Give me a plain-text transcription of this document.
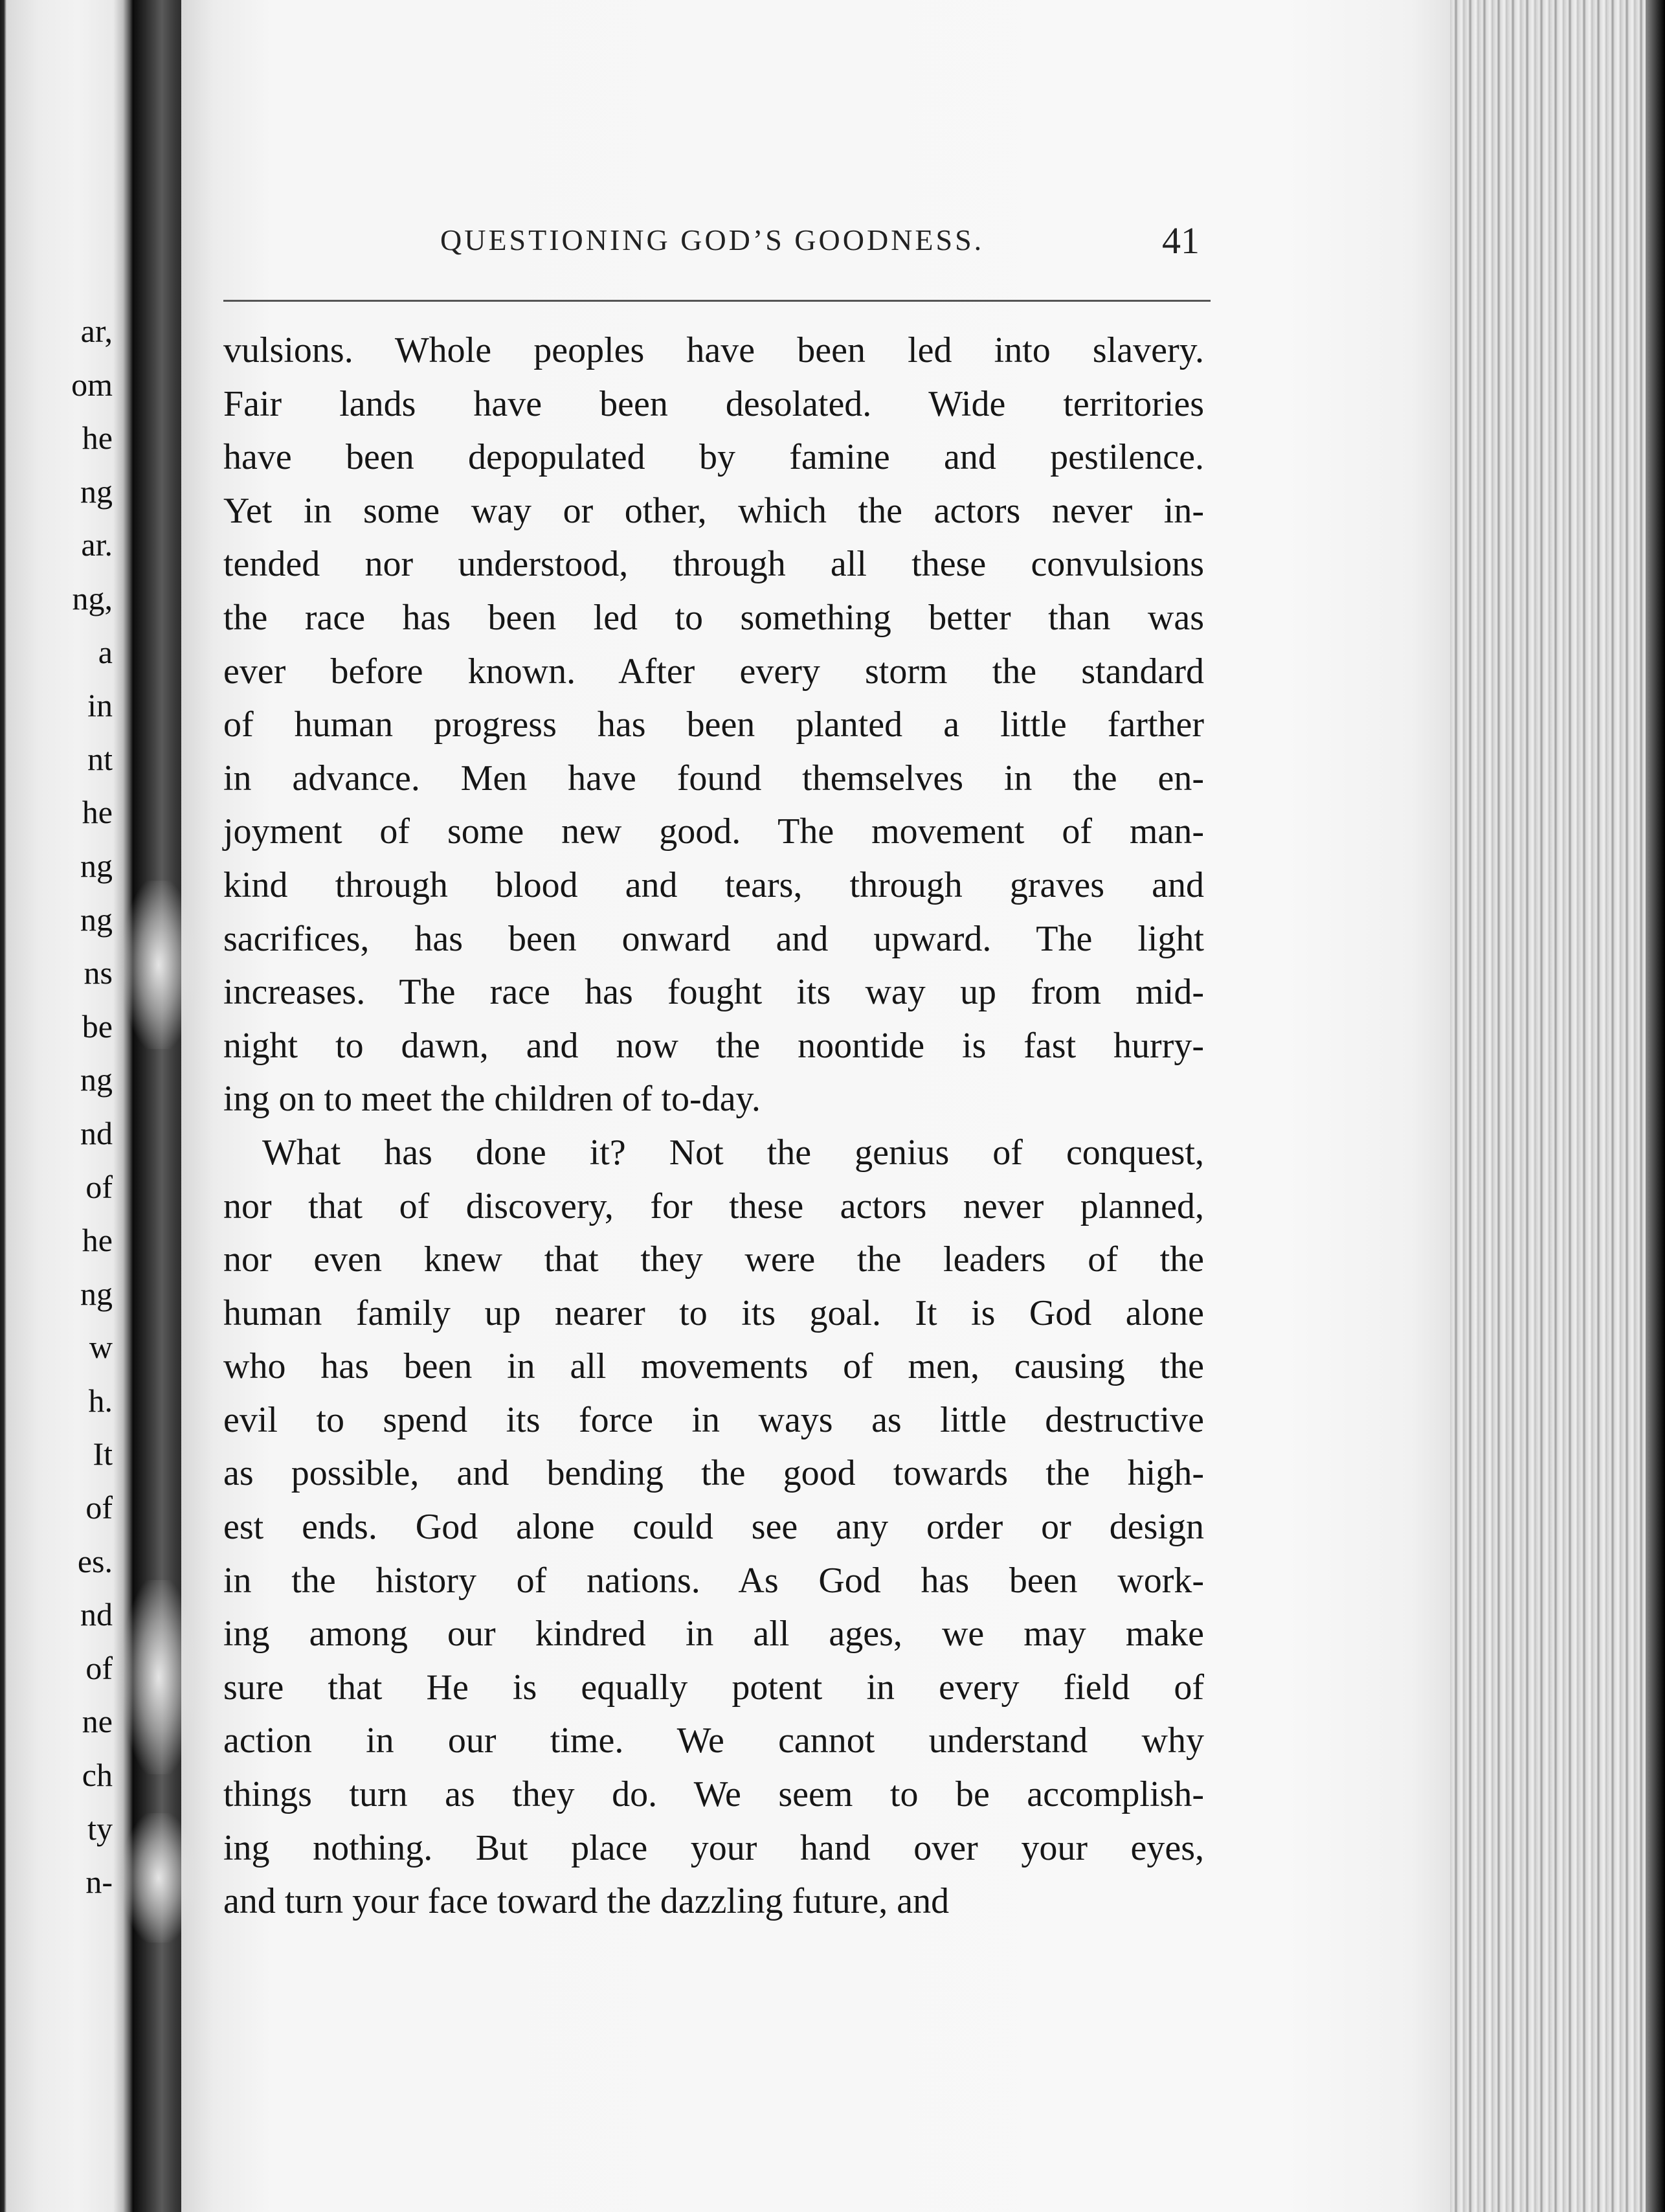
ar,
om
he
ng
ar.
ng,
a
in
nt
he
ng
ng
ns
be
ng
nd
of
he
ng
w
h.
It
of
es.
nd
of
ne
ch
ty
n-
QUESTIONING GOD’S GOODNESS.	41
vulsions. Whole peoples have been led into slavery.
Fair lands have been desolated. Wide territories
have been depopulated by famine and pestilence.
Yet in some way or other, which the actors never in-
tended nor understood, through all these convulsions
the race has been led to something better than was
ever before known. After every storm the standard
of human progress has been planted a little farther
in advance. Men have found themselves in the en-
joyment of some new good. The movement of man-
kind through blood and tears, through graves and
sacrifices, has been onward and upward. The light
increases. The race has fought its way up from mid-
night to dawn, and now the noontide is fast hurry-
ing on to meet the children of to-day.
What has done it? Not the genius of conquest,
nor that of discovery, for these actors never planned,
nor even knew that they were the leaders of the
human family up nearer to its goal. It is God alone
who has been in all movements of men, causing the
evil to spend its force in ways as little destructive
as possible, and bending the good towards the high-
est ends. God alone could see any order or design
in the history of nations. As God has been work-
ing among our kindred in all ages, we may make
sure that He is equally potent in every field of
action in our time. We cannot understand why
things turn as they do. We seem to be accomplish-
ing nothing. But place your hand over your eyes,
and turn your face toward the dazzling future, and
